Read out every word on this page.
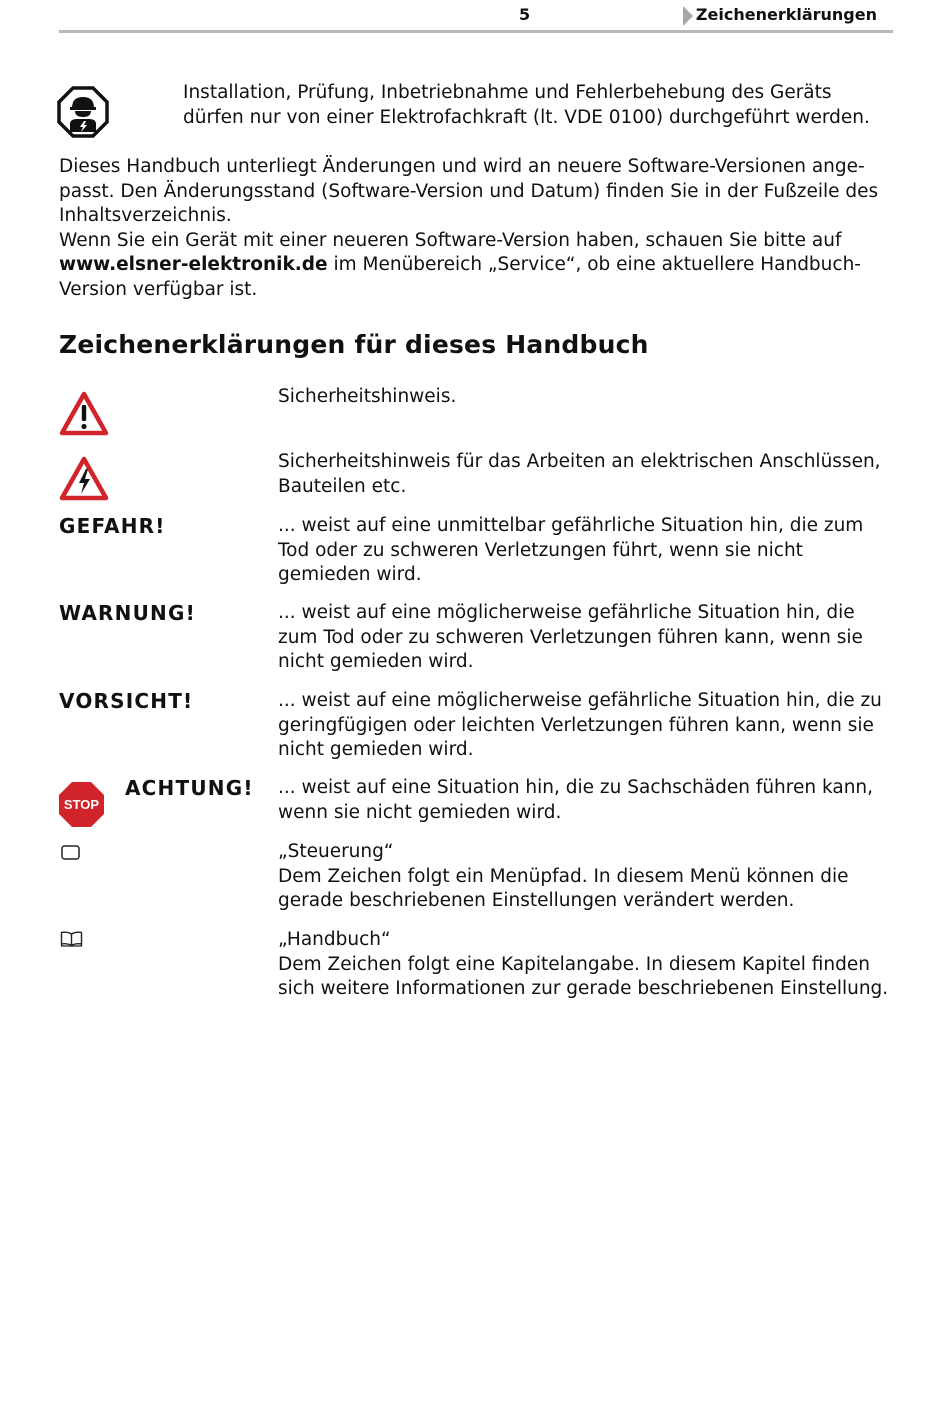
5	Zeichenerklärungen
Installation, Prüfung, Inbetriebnahme und Fehlerbehebung des Geräts dürfen nur von einer Elektrofachkraft (lt. VDE 0100) durchgeführt werden.
Dieses Handbuch unterliegt Änderungen und wird an neuere Software-Versionen ange-
passt. Den Änderungsstand (Software-Version und Datum) finden Sie in der Fußzeile des
Inhaltsverzeichnis.
Wenn Sie ein Gerät mit einer neueren Software-Version haben, schauen Sie bitte auf
www.elsner-elektronik.de im Menübereich „Service“, ob eine aktuellere Handbuch-
Version verfügbar ist.
Zeichenerklärungen für dieses Handbuch
Sicherheitshinweis.
Sicherheitshinweis für das Arbeiten an elektrischen Anschlüssen, Bauteilen etc.
GEFAHR!	... weist auf eine unmittelbar gefährliche Situation hin, die zum Tod oder zu schweren Verletzungen führt, wenn sie nicht gemieden wird.
WARNUNG!	... weist auf eine möglicherweise gefährliche Situation hin, die zum Tod oder zu schweren Verletzungen führen kann, wenn sie nicht gemieden wird.
VORSICHT!	... weist auf eine möglicherweise gefährliche Situation hin, die zu geringfügigen oder leichten Verletzungen führen kann, wenn sie nicht gemieden wird.
STOP
ACHTUNG! ... weist auf eine Situation hin, die zu Sachschäden führen kann, wenn sie nicht gemieden wird.
„Steuerung“
Dem Zeichen folgt ein Menüpfad. In diesem Menü können die gerade beschriebenen Einstellungen verändert werden.
„Handbuch“
Dem Zeichen folgt eine Kapitelangabe. In diesem Kapitel finden sich weitere Informationen zur gerade beschriebenen Einstellung.
